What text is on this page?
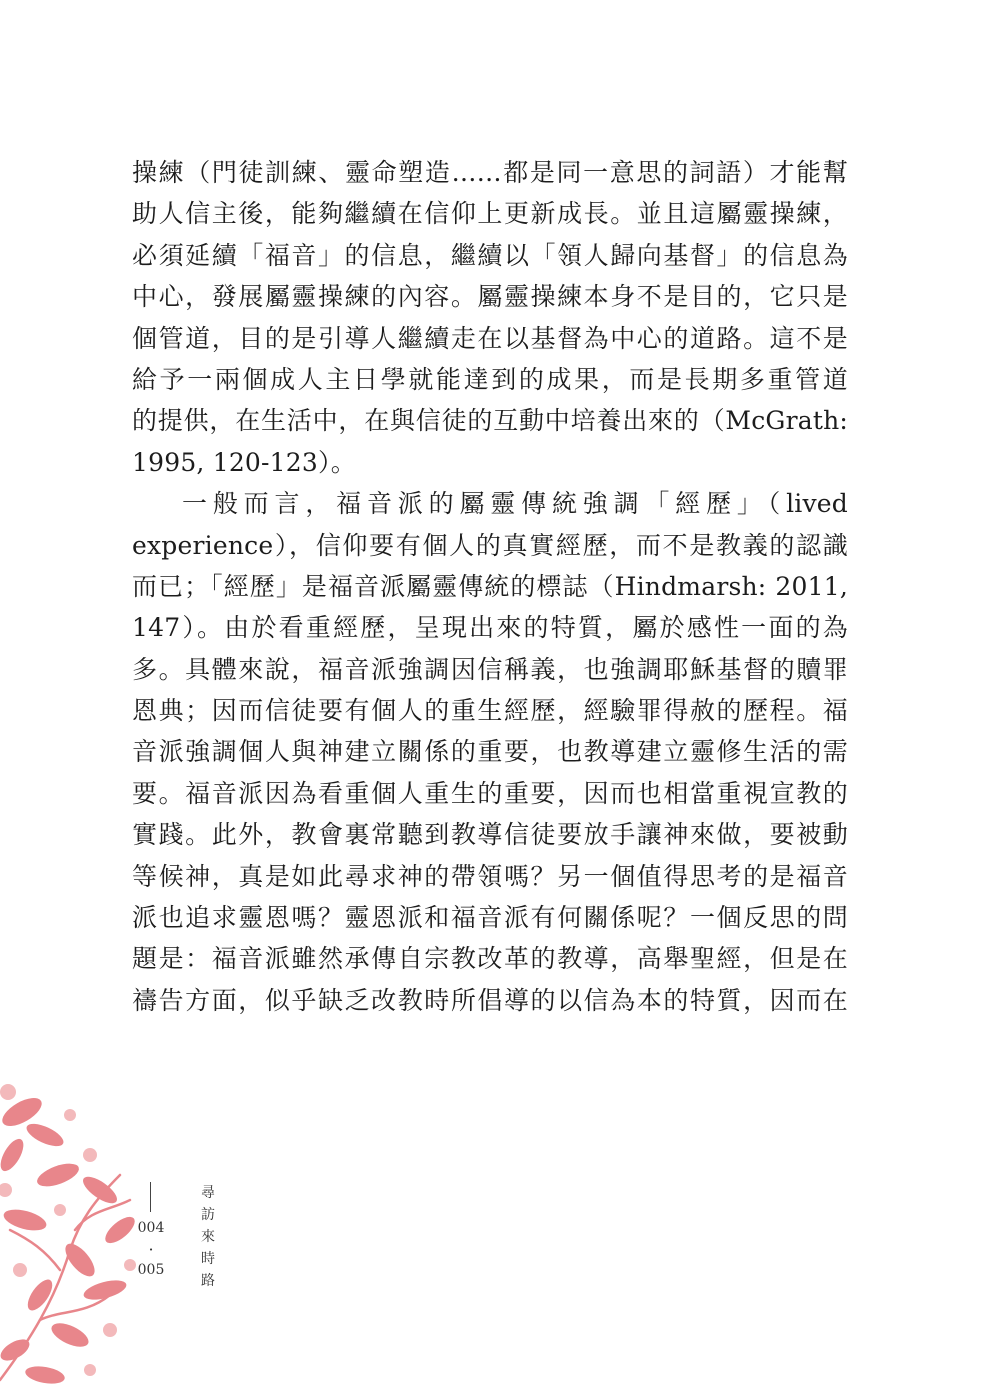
操練（門徒訓練、靈命塑造……都是同一意思的詞語）才能幫
助人信主後，能夠繼續在信仰上更新成長。並且這屬靈操練，
必須延續「福音」的信息，繼續以「領人歸向基督」的信息為
中心，發展屬靈操練的內容。屬靈操練本身不是目的，它只是
個管道，目的是引導人繼續走在以基督為中心的道路。這不是
給予一兩個成人主日學就能達到的成果，而是長期多重管道
的提供，在生活中，在與信徒的互動中培養出來的（McGrath:
1995, 120-123）。
一般而言，福音派的屬靈傳統強調「經歷」（lived
experience），信仰要有個人的真實經歷，而不是教義的認識
而已；「經歷」是福音派屬靈傳統的標誌（Hindmarsh: 2011,
147）。由於看重經歷，呈現出來的特質，屬於感性一面的為
多。具體來說，福音派強調因信稱義，也強調耶穌基督的贖罪
恩典；因而信徒要有個人的重生經歷，經驗罪得赦的歷程。福
音派強調個人與神建立關係的重要，也教導建立靈修生活的需
要。福音派因為看重個人重生的重要，因而也相當重視宣教的
實踐。此外，教會裏常聽到教導信徒要放手讓神來做，要被動
等候神，真是如此尋求神的帶領嗎？另一個值得思考的是福音
派也追求靈恩嗎？靈恩派和福音派有何關係呢？一個反思的問
題是：福音派雖然承傳自宗教改革的教導，高舉聖經，但是在
禱告方面，似乎缺乏改教時所倡導的以信為本的特質，因而在
004
·
005
尋
訪
來
時
路
